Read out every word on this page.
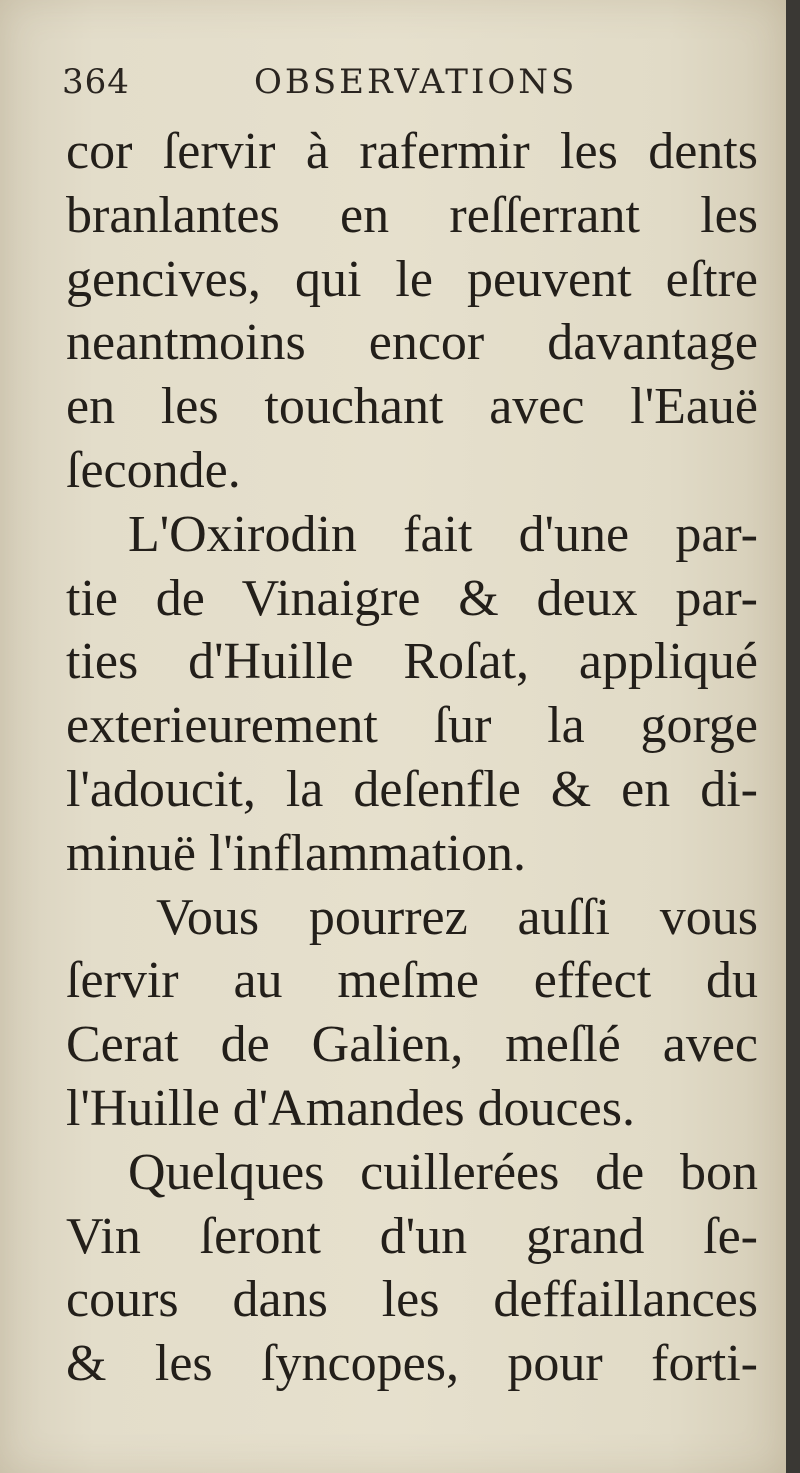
364	OBSERVATIONS
cor ſervir à rafermir les dents
branlantes en reſſerrant les
gencives, qui le peuvent eſtre
neantmoins encor davantage
en les touchant avec l'Eauë
ſeconde.
L'Oxirodin fait d'une par-
tie de Vinaigre & deux par-
ties d'Huille Roſat, appliqué
exterieurement ſur la gorge
l'adoucit, la deſenfle & en di-
minuë l'inflammation.
Vous pourrez auſſi vous
ſervir au meſme effect du
Cerat de Galien, meſlé avec
l'Huille d'Amandes douces.
Quelques cuillerées de bon
Vin ſeront d'un grand ſe-
cours dans les deffaillances
& les ſyncopes, pour forti-
